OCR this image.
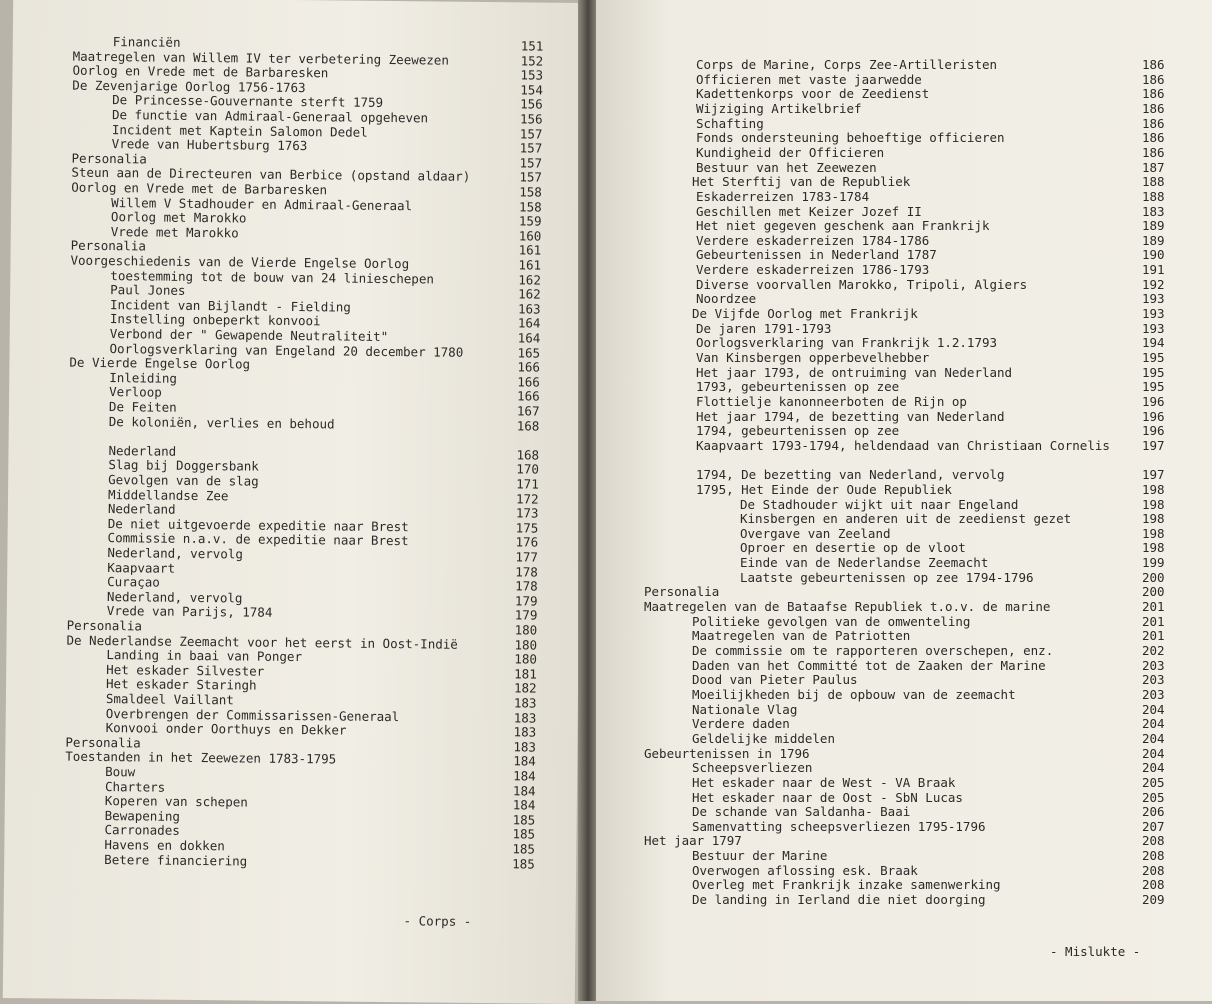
Financiën	151
Maatregelen van Willem IV ter verbetering Zeewezen	152
Oorlog en Vrede met de Barbaresken	153
De Zevenjarige Oorlog 1756-1763	154
De Princesse-Gouvernante sterft 1759	156
De functie van Admiraal-Generaal opgeheven	156
Incident met Kaptein Salomon Dedel	157
Vrede van Hubertsburg 1763	157
Personalia	157
Steun aan de Directeuren van Berbice (opstand aldaar)	157
Oorlog en Vrede met de Barbaresken	158
Willem V Stadhouder en Admiraal-Generaal	158
Oorlog met Marokko	159
Vrede met Marokko	160
Personalia	161
Voorgeschiedenis van de Vierde Engelse Oorlog	161
toestemming tot de bouw van 24 linieschepen	162
Paul Jones	162
Incident van Bijlandt - Fielding	163
Instelling onbeperkt konvooi	164
Verbond der " Gewapende Neutraliteit"	164
Oorlogsverklaring van Engeland 20 december 1780	165
De Vierde Engelse Oorlog	166
Inleiding	166
Verloop	166
De Feiten	167
De koloniën, verlies en behoud	168
Nederland	168
Slag bij Doggersbank	170
Gevolgen van de slag	171
Middellandse Zee	172
Nederland	173
De niet uitgevoerde expeditie naar Brest	175
Commissie n.a.v. de expeditie naar Brest	176
Nederland, vervolg	177
Kaapvaart	178
Curaçao	178
Nederland, vervolg	179
Vrede van Parijs, 1784	179
Personalia	180
De Nederlandse Zeemacht voor het eerst in Oost-Indië	180
Landing in baai van Ponger	180
Het eskader Silvester	181
Het eskader Staringh	182
Smaldeel Vaillant	183
Overbrengen der Commissarissen-Generaal	183
Konvooi onder Oorthuys en Dekker	183
Personalia	183
Toestanden in het Zeewezen 1783-1795	184
Bouw	184
Charters	184
Koperen van schepen	184
Bewapening	185
Carronades	185
Havens en dokken	185
Betere financiering	185
- Corps -
Corps de Marine, Corps Zee-Artilleristen	186
Officieren met vaste jaarwedde	186
Kadettenkorps voor de Zeedienst	186
Wijziging Artikelbrief	186
Schafting	186
Fonds ondersteuning behoeftige officieren	186
Kundigheid der Officieren	186
Bestuur van het Zeewezen	187
Het Sterftij van de Republiek	188
Eskaderreizen 1783-1784	188
Geschillen met Keizer Jozef II	183
Het niet gegeven geschenk aan Frankrijk	189
Verdere eskaderreizen 1784-1786	189
Gebeurtenissen in Nederland 1787	190
Verdere eskaderreizen 1786-1793	191
Diverse voorvallen Marokko, Tripoli, Algiers	192
Noordzee	193
De Vijfde Oorlog met Frankrijk	193
De jaren 1791-1793	193
Oorlogsverklaring van Frankrijk 1.2.1793	194
Van Kinsbergen opperbevelhebber	195
Het jaar 1793, de ontruiming van Nederland	195
1793, gebeurtenissen op zee	195
Flottielje kanonneerboten de Rijn op	196
Het jaar 1794, de bezetting van Nederland	196
1794, gebeurtenissen op zee	196
Kaapvaart 1793-1794, heldendaad van Christiaan Cornelis	197
1794, De bezetting van Nederland, vervolg	197
1795, Het Einde der Oude Republiek	198
De Stadhouder wijkt uit naar Engeland	198
Kinsbergen en anderen uit de zeedienst gezet	198
Overgave van Zeeland	198
Oproer en desertie op de vloot	198
Einde van de Nederlandse Zeemacht	199
Laatste gebeurtenissen op zee 1794-1796	200
Personalia	200
Maatregelen van de Bataafse Republiek t.o.v. de marine	201
Politieke gevolgen van de omwenteling	201
Maatregelen van de Patriotten	201
De commissie om te rapporteren overschepen, enz.	202
Daden van het Committé tot de Zaaken der Marine	203
Dood van Pieter Paulus	203
Moeilijkheden bij de opbouw van de zeemacht	203
Nationale Vlag	204
Verdere daden	204
Geldelijke middelen	204
Gebeurtenissen in 1796	204
Scheepsverliezen	204
Het eskader naar de West - VA Braak	205
Het eskader naar de Oost - SbN Lucas	205
De schande van Saldanha- Baai	206
Samenvatting scheepsverliezen 1795-1796	207
Het jaar 1797	208
Bestuur der Marine	208
Overwogen aflossing esk. Braak	208
Overleg met Frankrijk inzake samenwerking	208
De landing in Ierland die niet doorging	209
- Mislukte -
